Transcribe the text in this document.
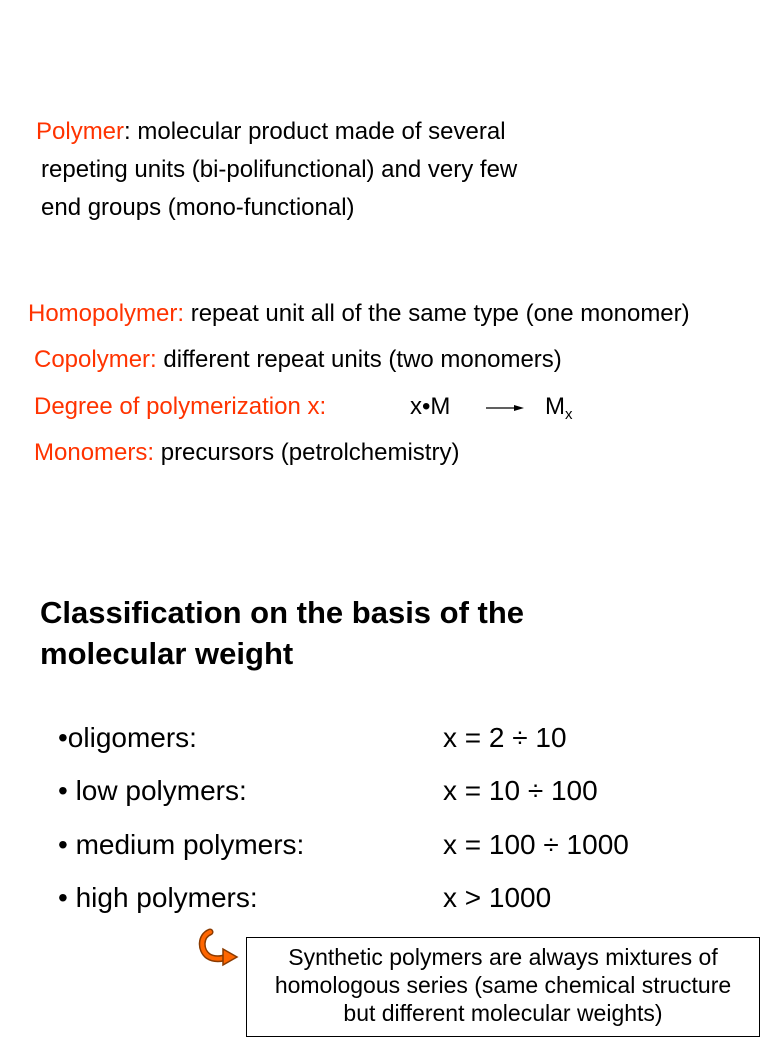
Polymer: molecular product made of several
repeting units (bi-polifunctional) and very few
end groups (mono-functional)
Homopolymer: repeat unit all of the same type (one monomer)
Copolymer: different repeat units (two monomers)
Degree of polymerization x:	x•M	$M_x$
Monomers: precursors (petrolchemistry)
Classification on the basis of the
molecular weight
•oligomers:	x = 2 ÷ 10
• low polymers:	x = 10 ÷ 100
• medium polymers:	x = 100 ÷ 1000
• high polymers:	x > 1000
Synthetic polymers are always mixtures of
homologous series (same chemical structure
but different molecular weights)
